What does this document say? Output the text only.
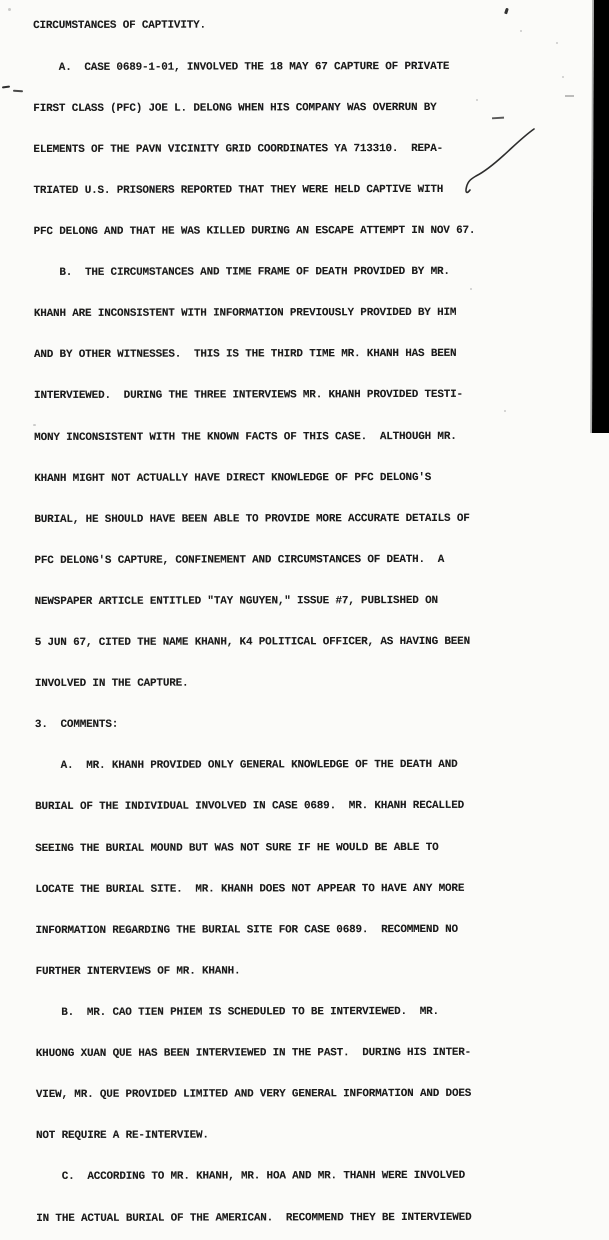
CIRCUMSTANCES OF CAPTIVITY.

A.  CASE 0689-1-01, INVOLVED THE 18 MAY 67 CAPTURE OF PRIVATE

FIRST CLASS (PFC) JOE L. DELONG WHEN HIS COMPANY WAS OVERRUN BY

ELEMENTS OF THE PAVN VICINITY GRID COORDINATES YA 713310.  REPA-

TRIATED U.S. PRISONERS REPORTED THAT THEY WERE HELD CAPTIVE WITH

PFC DELONG AND THAT HE WAS KILLED DURING AN ESCAPE ATTEMPT IN NOV 67.

B.  THE CIRCUMSTANCES AND TIME FRAME OF DEATH PROVIDED BY MR.

KHANH ARE INCONSISTENT WITH INFORMATION PREVIOUSLY PROVIDED BY HIM

AND BY OTHER WITNESSES.  THIS IS THE THIRD TIME MR. KHANH HAS BEEN

INTERVIEWED.  DURING THE THREE INTERVIEWS MR. KHANH PROVIDED TESTI-

MONY INCONSISTENT WITH THE KNOWN FACTS OF THIS CASE.  ALTHOUGH MR.

KHANH MIGHT NOT ACTUALLY HAVE DIRECT KNOWLEDGE OF PFC DELONG'S

BURIAL, HE SHOULD HAVE BEEN ABLE TO PROVIDE MORE ACCURATE DETAILS OF

PFC DELONG'S CAPTURE, CONFINEMENT AND CIRCUMSTANCES OF DEATH.  A

NEWSPAPER ARTICLE ENTITLED "TAY NGUYEN," ISSUE #7, PUBLISHED ON

5 JUN 67, CITED THE NAME KHANH, K4 POLITICAL OFFICER, AS HAVING BEEN

INVOLVED IN THE CAPTURE.

3.  COMMENTS:

A.  MR. KHANH PROVIDED ONLY GENERAL KNOWLEDGE OF THE DEATH AND

BURIAL OF THE INDIVIDUAL INVOLVED IN CASE 0689.  MR. KHANH RECALLED

SEEING THE BURIAL MOUND BUT WAS NOT SURE IF HE WOULD BE ABLE TO

LOCATE THE BURIAL SITE.  MR. KHANH DOES NOT APPEAR TO HAVE ANY MORE

INFORMATION REGARDING THE BURIAL SITE FOR CASE 0689.  RECOMMEND NO

FURTHER INTERVIEWS OF MR. KHANH.

B.  MR. CAO TIEN PHIEM IS SCHEDULED TO BE INTERVIEWED.  MR.

KHUONG XUAN QUE HAS BEEN INTERVIEWED IN THE PAST.  DURING HIS INTER-

VIEW, MR. QUE PROVIDED LIMITED AND VERY GENERAL INFORMATION AND DOES

NOT REQUIRE A RE-INTERVIEW.

C.  ACCORDING TO MR. KHANH, MR. HOA AND MR. THANH WERE INVOLVED

IN THE ACTUAL BURIAL OF THE AMERICAN.  RECOMMEND THEY BE INTERVIEWED
